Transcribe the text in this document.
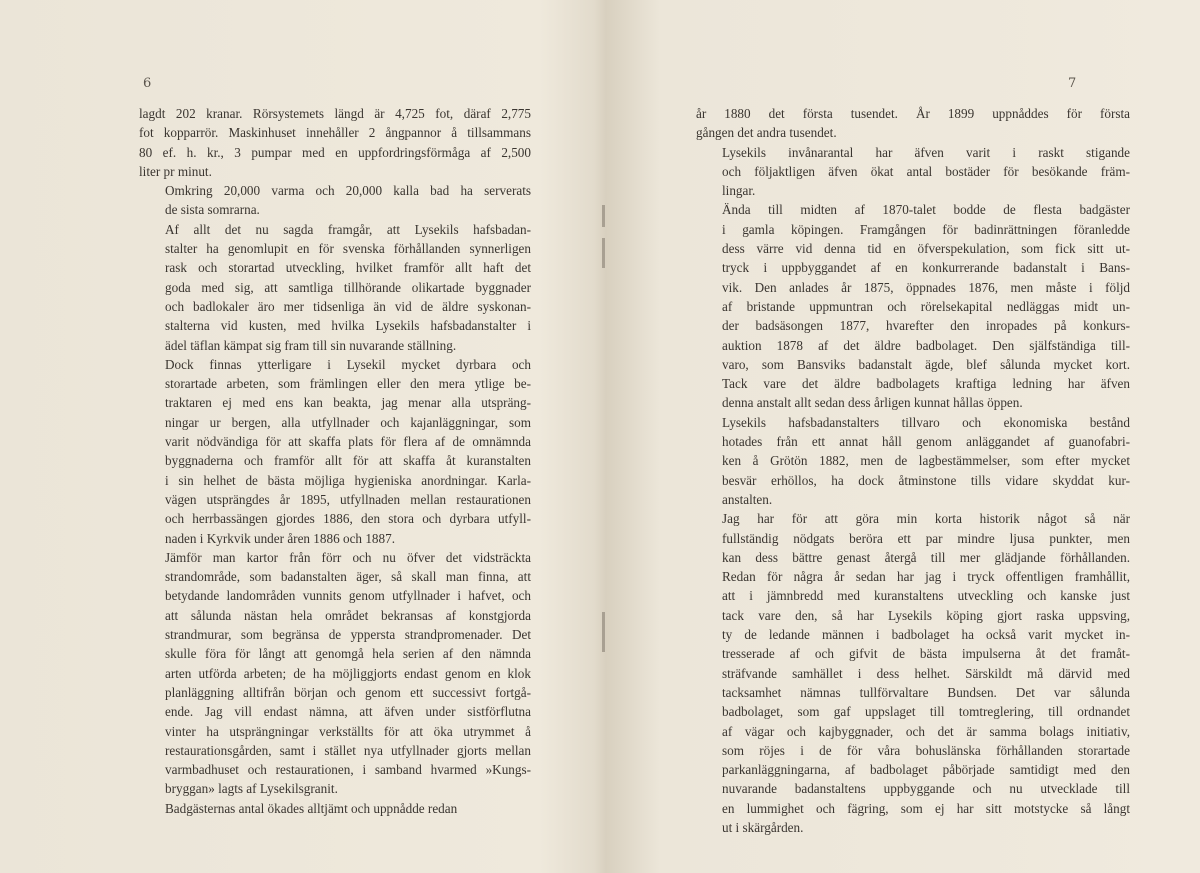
6

lagdt 202 kranar. Rörsystemets längd är 4,725 fot, däraf 2,775
fot kopparrör. Maskinhuset innehåller 2 ångpannor å tillsammans
80 ef. h. kr., 3 pumpar med en uppfordringsförmåga af 2,500
liter pr minut.

Omkring 20,000 varma och 20,000 kalla bad ha serverats
de sista somrarna.

Af allt det nu sagda framgår, att Lysekils hafsbadan-
stalter ha genomlupit en för svenska förhållanden synnerligen
rask och storartad utveckling, hvilket framför allt haft det
goda med sig, att samtliga tillhörande olikartade byggnader
och badlokaler äro mer tidsenliga än vid de äldre syskonan-
stalterna vid kusten, med hvilka Lysekils hafsbadanstalter i
ädel täflan kämpat sig fram till sin nuvarande ställning.

Dock finnas ytterligare i Lysekil mycket dyrbara och
storartade arbeten, som främlingen eller den mera ytlige be-
traktaren ej med ens kan beakta, jag menar alla utspräng-
ningar ur bergen, alla utfyllnader och kajanläggningar, som
varit nödvändiga för att skaffa plats för flera af de omnämnda
byggnaderna och framför allt för att skaffa åt kuranstalten
i sin helhet de bästa möjliga hygieniska anordningar. Karla-
vägen utsprängdes år 1895, utfyllnaden mellan restaurationen
och herrbassängen gjordes 1886, den stora och dyrbara utfyll-
naden i Kyrkvik under åren 1886 och 1887.

Jämför man kartor från förr och nu öfver det vidsträckta
strandområde, som badanstalten äger, så skall man finna, att
betydande landområden vunnits genom utfyllnader i hafvet, och
att sålunda nästan hela området bekransas af konstgjorda
strandmurar, som begränsa de yppersta strandpromenader. Det
skulle föra för långt att genomgå hela serien af den nämnda
arten utförda arbeten; de ha möjliggjorts endast genom en klok
planläggning alltifrån början och genom ett successivt fortgå-
ende. Jag vill endast nämna, att äfven under sistförflutna
vinter ha utsprängningar verkställts för att öka utrymmet å
restaurationsgården, samt i stället nya utfyllnader gjorts mellan
varmbadhuset och restaurationen, i samband hvarmed »Kungs-
bryggan» lagts af Lysekilsgranit.

Badgästernas antal ökades alltjämt och uppnådde redan

7

år 1880 det första tusendet. År 1899 uppnåddes för första
gången det andra tusendet.

Lysekils invånarantal har äfven varit i raskt stigande
och följaktligen äfven ökat antal bostäder för besökande främ-
lingar.

Ända till midten af 1870-talet bodde de flesta badgäster
i gamla köpingen. Framgången för badinrättningen föranledde
dess värre vid denna tid en öfverspekulation, som fick sitt ut-
tryck i uppbyggandet af en konkurrerande badanstalt i Bans-
vik. Den anlades år 1875, öppnades 1876, men måste i följd
af bristande uppmuntran och rörelsekapital nedläggas midt un-
der badsäsongen 1877, hvarefter den inropades på konkurs-
auktion 1878 af det äldre badbolaget. Den själfständiga till-
varo, som Bansviks badanstalt ägde, blef sålunda mycket kort.
Tack vare det äldre badbolagets kraftiga ledning har äfven
denna anstalt allt sedan dess årligen kunnat hållas öppen.

Lysekils hafsbadanstalters tillvaro och ekonomiska bestånd
hotades från ett annat håll genom anläggandet af guanofabri-
ken å Grötön 1882, men de lagbestämmelser, som efter mycket
besvär erhöllos, ha dock åtminstone tills vidare skyddat kur-
anstalten.

Jag har för att göra min korta historik något så när
fullständig nödgats beröra ett par mindre ljusa punkter, men
kan dess bättre genast återgå till mer glädjande förhållanden.
Redan för några år sedan har jag i tryck offentligen framhållit,
att i jämnbredd med kuranstaltens utveckling och kanske just
tack vare den, så har Lysekils köping gjort raska uppsving,
ty de ledande männen i badbolaget ha också varit mycket in-
tresserade af och gifvit de bästa impulserna åt det framåt-
sträfvande samhället i dess helhet. Särskildt må därvid med
tacksamhet nämnas tullförvaltare Bundsen. Det var sålunda
badbolaget, som gaf uppslaget till tomtreglering, till ordnandet
af vägar och kajbyggnader, och det är samma bolags initiativ,
som röjes i de för våra bohuslänska förhållanden storartade
parkanläggningarna, af badbolaget påbörjade samtidigt med den
nuvarande badanstaltens uppbyggande och nu utvecklade till
en lummighet och fägring, som ej har sitt motstycke så långt
ut i skärgården.
